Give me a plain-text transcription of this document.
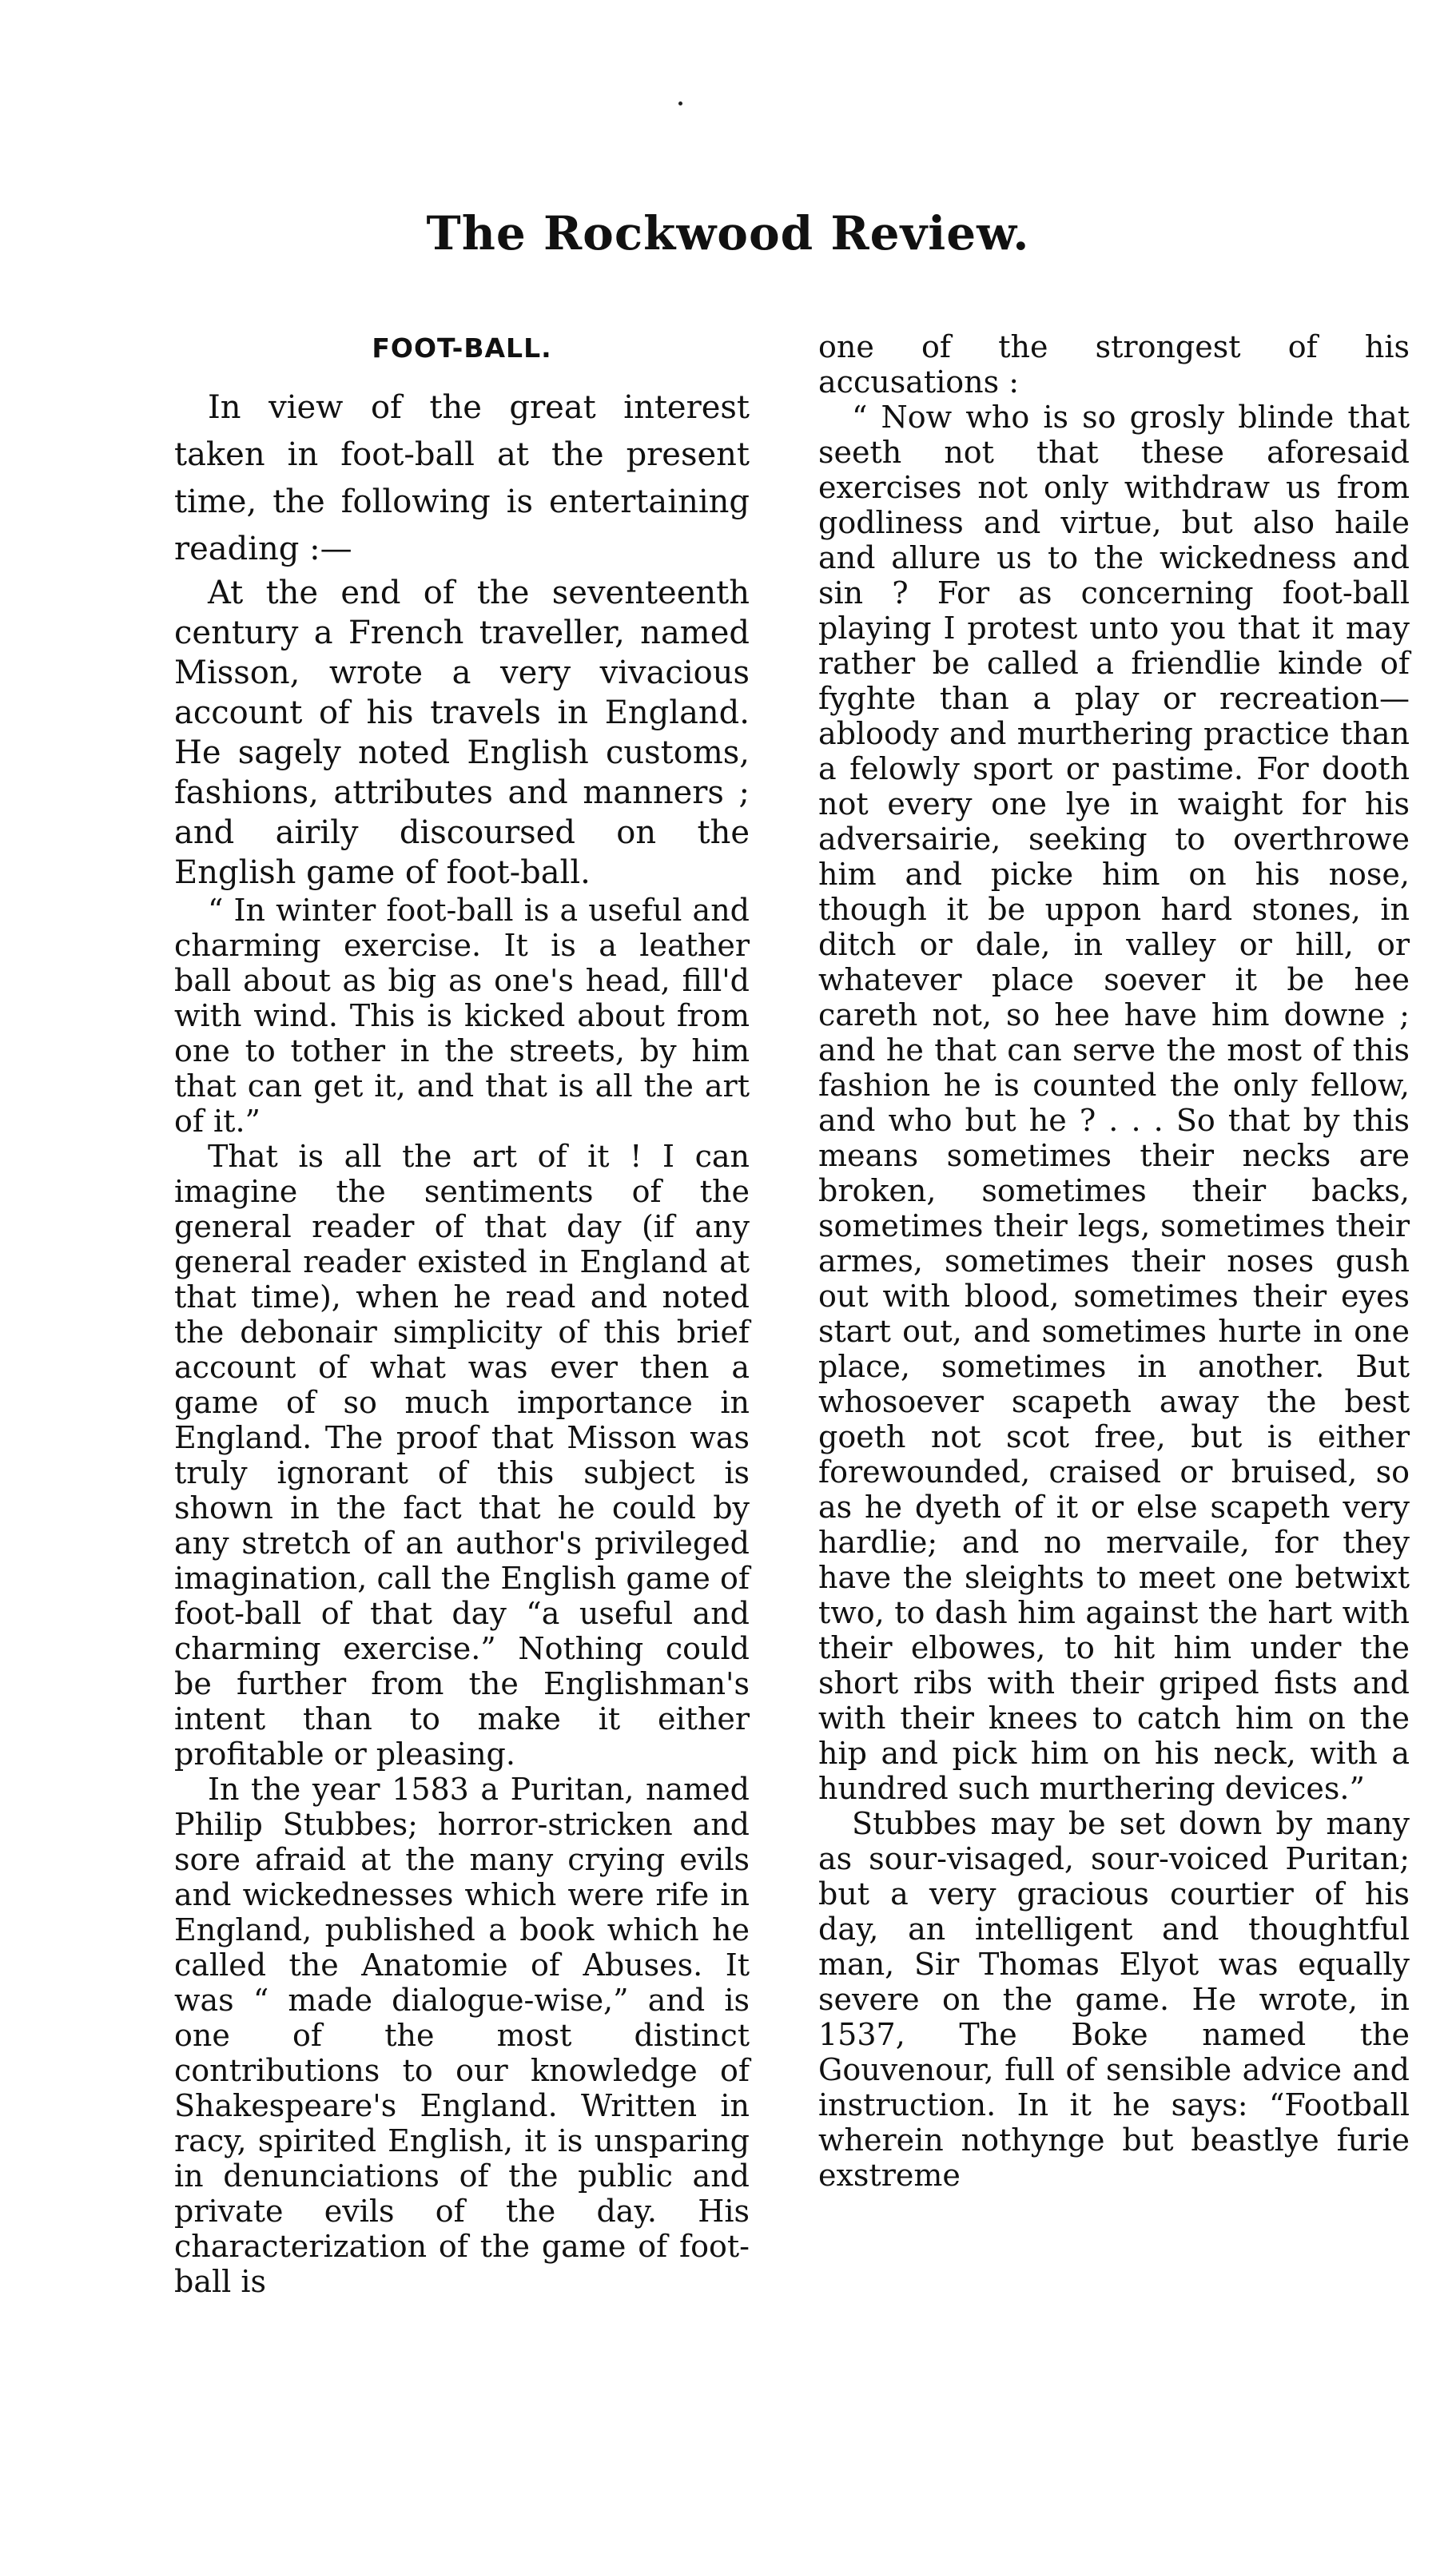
The Rockwood Review.
FOOT-BALL.

In view of the great interest taken in foot-ball at the present time, the following is entertaining reading :—

At the end of the seventeenth century a French traveller, named Misson, wrote a very vivacious account of his travels in England. He sagely noted English customs, fashions, attributes and manners ; and airily discoursed on the English game of foot-ball.

“ In winter foot-ball is a useful and charming exercise. It is a leather ball about as big as one's head, fill'd with wind. This is kicked about from one to tother in the streets, by him that can get it, and that is all the art of it.”

That is all the art of it ! I can imagine the sentiments of the general reader of that day (if any general reader existed in England at that time), when he read and noted the debonair simplicity of this brief account of what was ever then a game of so much importance in England. The proof that Misson was truly ignorant of this subject is shown in the fact that he could by any stretch of an author's privileged imagination, call the English game of foot-ball of that day “a useful and charming exercise.” Nothing could be further from the Englishman's intent than to make it either profitable or pleasing.

In the year 1583 a Puritan, named Philip Stubbes; horror-stricken and sore afraid at the many crying evils and wickednesses which were rife in England, published a book which he called the Anatomie of Abuses. It was “ made dialogue-wise,” and is one of the most distinct contributions to our knowledge of Shakespeare's England. Written in racy, spirited English, it is unsparing in denunciations of the public and private evils of the day. His characterization of the game of foot-ball is

one of the strongest of his accusations :

“ Now who is so grosly blinde that seeth not that these aforesaid exercises not only withdraw us from godliness and virtue, but also haile and allure us to the wickedness and sin ? For as concerning foot-ball playing I protest unto you that it may rather be called a friendlie kinde of fyghte than a play or recreation—abloody and murthering practice than a felowly sport or pastime. For dooth not every one lye in waight for his adversairie, seeking to overthrowe him and picke him on his nose, though it be uppon hard stones, in ditch or dale, in valley or hill, or whatever place soever it be hee careth not, so hee have him downe ; and he that can serve the most of this fashion he is counted the only fellow, and who but he ? . . . So that by this means sometimes their necks are broken, sometimes their backs, sometimes their legs, sometimes their armes, sometimes their noses gush out with blood, sometimes their eyes start out, and sometimes hurte in one place, sometimes in another. But whosoever scapeth away the best goeth not scot free, but is either forewounded, craised or bruised, so as he dyeth of it or else scapeth very hardlie; and no mervaile, for they have the sleights to meet one betwixt two, to dash him against the hart with their elbowes, to hit him under the short ribs with their griped fists and with their knees to catch him on the hip and pick him on his neck, with a hundred such murthering devices.”

Stubbes may be set down by many as sour-visaged, sour-voiced Puritan; but a very gracious courtier of his day, an intelligent and thoughtful man, Sir Thomas Elyot was equally severe on the game. He wrote, in 1537, The Boke named the Gouvenour, full of sensible advice and instruction. In it he says: “Football wherein nothynge but beastlye furie exstreme
